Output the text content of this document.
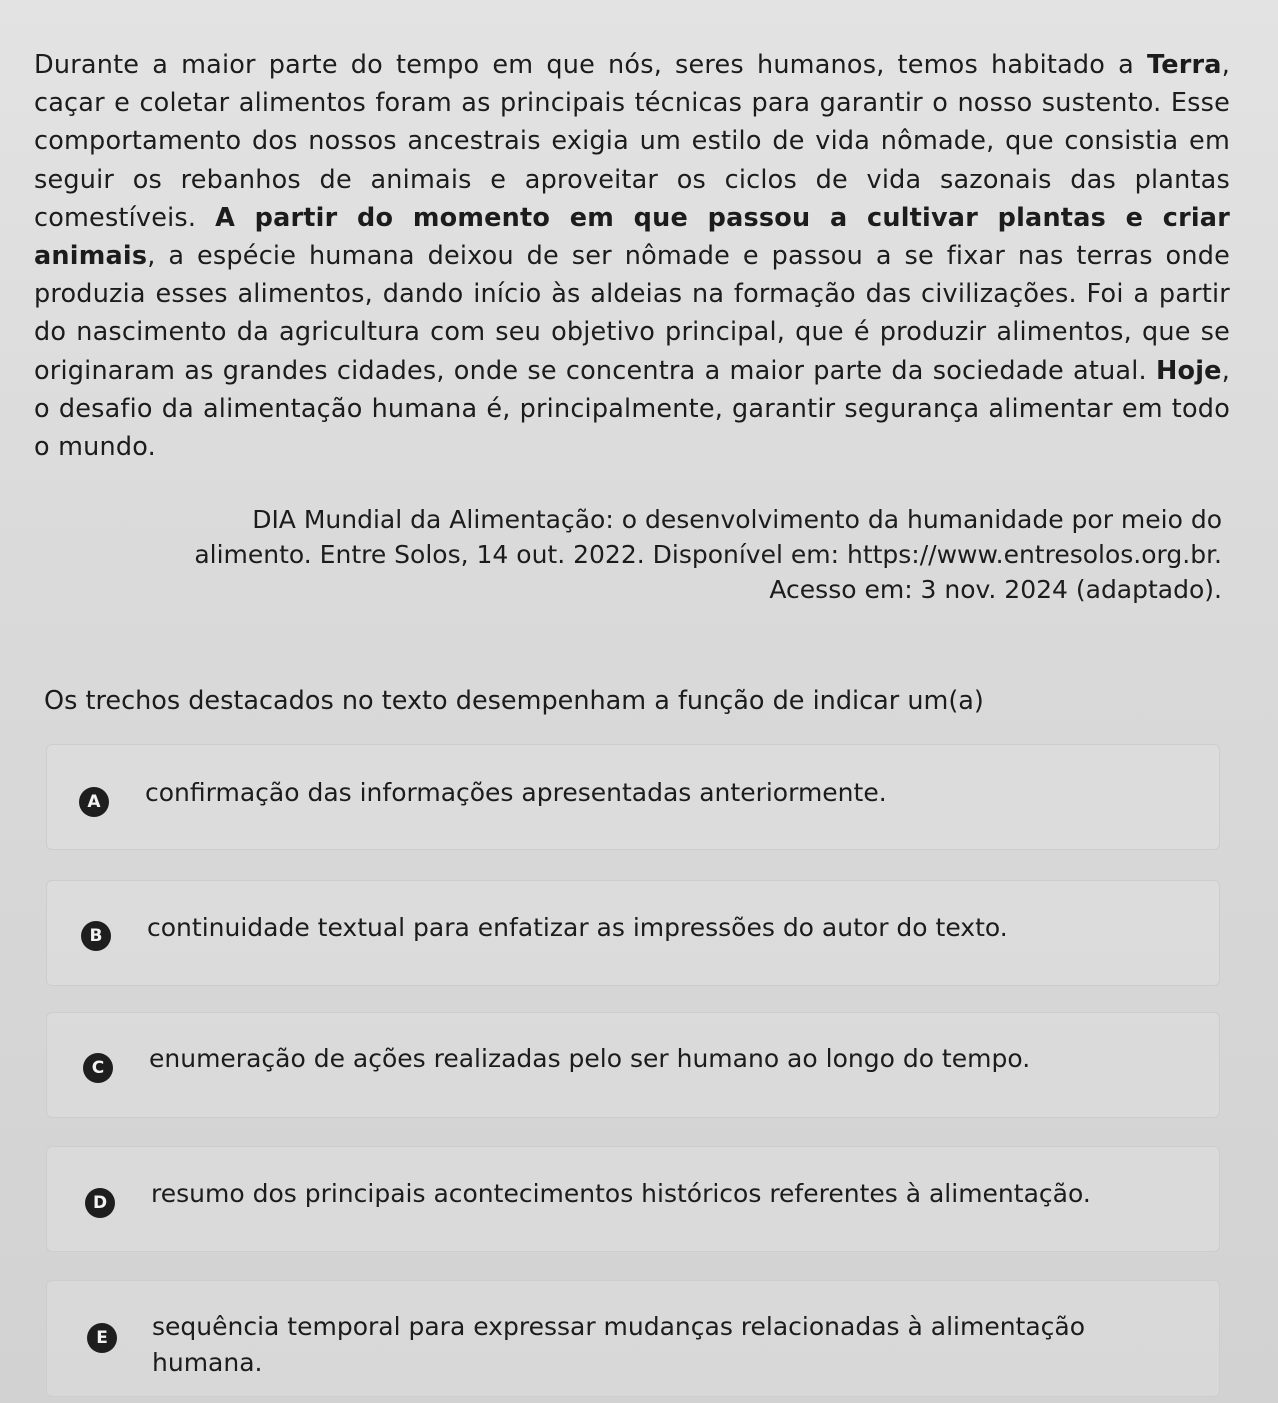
Durante a maior parte do tempo em que nós, seres humanos, temos habitado a Terra, caçar e coletar alimentos foram as principais técnicas para garantir o nosso sustento. Esse comportamento dos nossos ancestrais exigia um estilo de vida nômade, que consistia em seguir os rebanhos de animais e aproveitar os ciclos de vida sazonais das plantas comestíveis. A partir do momento em que passou a cultivar plantas e criar animais, a espécie humana deixou de ser nômade e passou a se fixar nas terras onde produzia esses alimentos, dando início às aldeias na formação das civilizações. Foi a partir do nascimento da agricultura com seu objetivo principal, que é produzir alimentos, que se originaram as grandes cidades, onde se concentra a maior parte da sociedade atual. Hoje, o desafio da alimentação humana é, principalmente, garantir segurança alimentar em todo o mundo.
DIA Mundial da Alimentação: o desenvolvimento da humanidade por meio do
alimento. Entre Solos, 14 out. 2022. Disponível em: https://www.entresolos.org.br.
Acesso em: 3 nov. 2024 (adaptado).
Os trechos destacados no texto desempenham a função de indicar um(a)
A	confirmação das informações apresentadas anteriormente.
B	continuidade textual para enfatizar as impressões do autor do texto.
C	enumeração de ações realizadas pelo ser humano ao longo do tempo.
D	resumo dos principais acontecimentos históricos referentes à alimentação.
E	sequência temporal para expressar mudanças relacionadas à alimentação humana.
